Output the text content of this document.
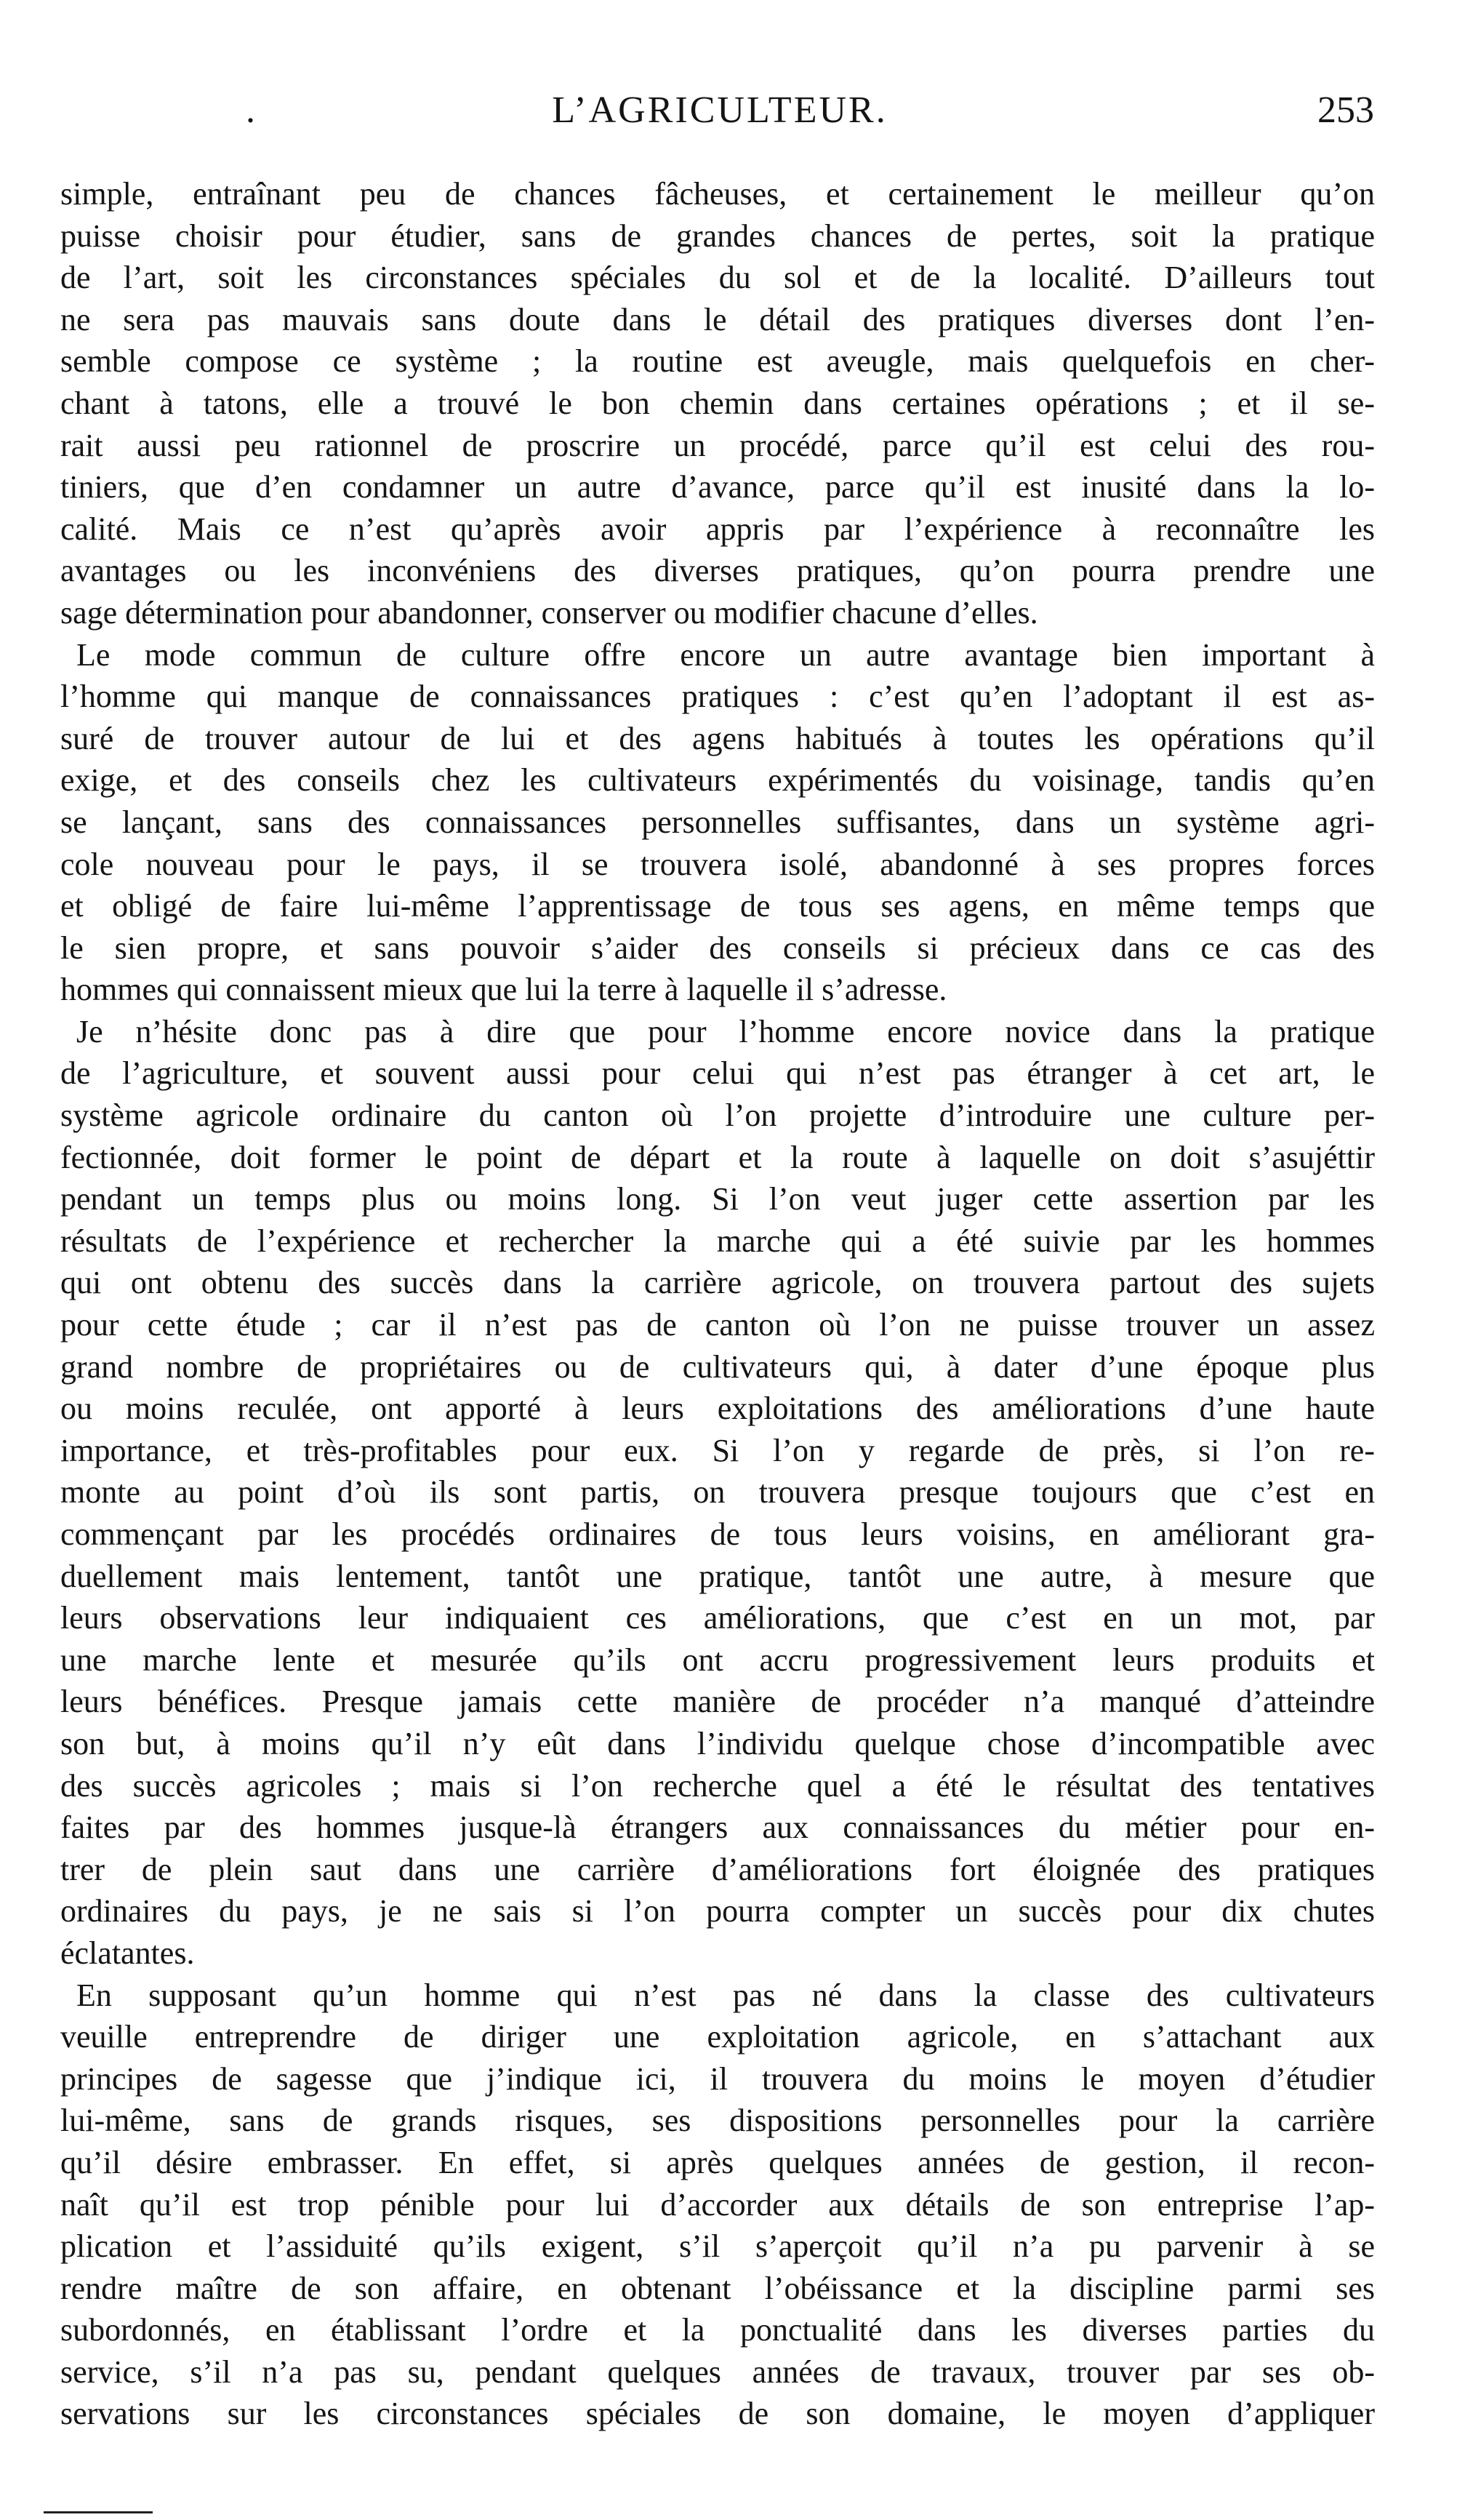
.	L’AGRICULTEUR.	253
simple, entraînant peu de chances fâcheuses, et certainement le meilleur qu’on
puisse choisir pour étudier, sans de grandes chances de pertes, soit la pratique
de l’art, soit les circonstances spéciales du sol et de la localité. D’ailleurs tout
ne sera pas mauvais sans doute dans le détail des pratiques diverses dont l’en-
semble compose ce système ; la routine est aveugle, mais quelquefois en cher-
chant à tatons, elle a trouvé le bon chemin dans certaines opérations ; et il se-
rait aussi peu rationnel de proscrire un procédé, parce qu’il est celui des rou-
tiniers, que d’en condamner un autre d’avance, parce qu’il est inusité dans la lo-
calité. Mais ce n’est qu’après avoir appris par l’expérience à reconnaître les
avantages ou les inconvéniens des diverses pratiques, qu’on pourra prendre une
sage détermination pour abandonner, conserver ou modifier chacune d’elles.
Le mode commun de culture offre encore un autre avantage bien important à
l’homme qui manque de connaissances pratiques : c’est qu’en l’adoptant il est as-
suré de trouver autour de lui et des agens habitués à toutes les opérations qu’il
exige, et des conseils chez les cultivateurs expérimentés du voisinage, tandis qu’en
se lançant, sans des connaissances personnelles suffisantes, dans un système agri-
cole nouveau pour le pays, il se trouvera isolé, abandonné à ses propres forces
et obligé de faire lui-même l’apprentissage de tous ses agens, en même temps que
le sien propre, et sans pouvoir s’aider des conseils si précieux dans ce cas des
hommes qui connaissent mieux que lui la terre à laquelle il s’adresse.
Je n’hésite donc pas à dire que pour l’homme encore novice dans la pratique
de l’agriculture, et souvent aussi pour celui qui n’est pas étranger à cet art, le
système agricole ordinaire du canton où l’on projette d’introduire une culture per-
fectionnée, doit former le point de départ et la route à laquelle on doit s’asujéttir
pendant un temps plus ou moins long. Si l’on veut juger cette assertion par les
résultats de l’expérience et rechercher la marche qui a été suivie par les hommes
qui ont obtenu des succès dans la carrière agricole, on trouvera partout des sujets
pour cette étude ; car il n’est pas de canton où l’on ne puisse trouver un assez
grand nombre de propriétaires ou de cultivateurs qui, à dater d’une époque plus
ou moins reculée, ont apporté à leurs exploitations des améliorations d’une haute
importance, et très-profitables pour eux. Si l’on y regarde de près, si l’on re-
monte au point d’où ils sont partis, on trouvera presque toujours que c’est en
commençant par les procédés ordinaires de tous leurs voisins, en améliorant gra-
duellement mais lentement, tantôt une pratique, tantôt une autre, à mesure que
leurs observations leur indiquaient ces améliorations, que c’est en un mot, par
une marche lente et mesurée qu’ils ont accru progressivement leurs produits et
leurs bénéfices. Presque jamais cette manière de procéder n’a manqué d’atteindre
son but, à moins qu’il n’y eût dans l’individu quelque chose d’incompatible avec
des succès agricoles ; mais si l’on recherche quel a été le résultat des tentatives
faites par des hommes jusque-là étrangers aux connaissances du métier pour en-
trer de plein saut dans une carrière d’améliorations fort éloignée des pratiques
ordinaires du pays, je ne sais si l’on pourra compter un succès pour dix chutes
éclatantes.
En supposant qu’un homme qui n’est pas né dans la classe des cultivateurs
veuille entreprendre de diriger une exploitation agricole, en s’attachant aux
principes de sagesse que j’indique ici, il trouvera du moins le moyen d’étudier
lui-même, sans de grands risques, ses dispositions personnelles pour la carrière
qu’il désire embrasser. En effet, si après quelques années de gestion, il recon-
naît qu’il est trop pénible pour lui d’accorder aux détails de son entreprise l’ap-
plication et l’assiduité qu’ils exigent, s’il s’aperçoit qu’il n’a pu parvenir à se
rendre maître de son affaire, en obtenant l’obéissance et la discipline parmi ses
subordonnés, en établissant l’ordre et la ponctualité dans les diverses parties du
service, s’il n’a pas su, pendant quelques années de travaux, trouver par ses ob-
servations sur les circonstances spéciales de son domaine, le moyen d’appliquer
